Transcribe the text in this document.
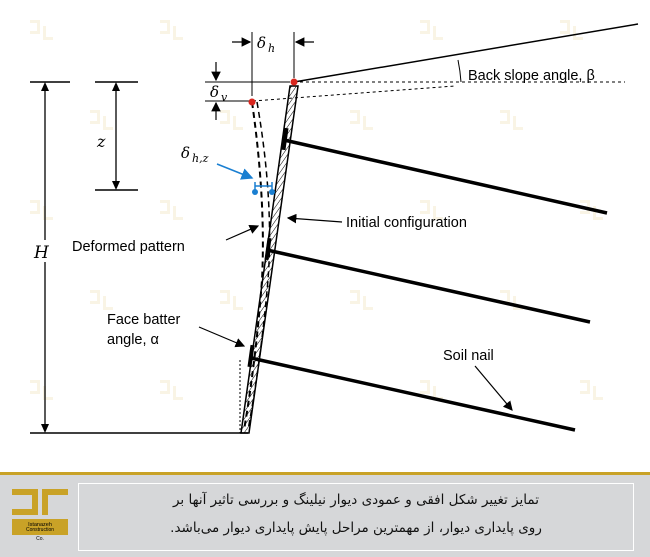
H
z
Back slope angle, β
δ h
δ v
δ h,z
Initial configuration
Deformed pattern
Face batter
angle, α
Soil nail
Istanazeh
Construction
Co.
تمایز تغییر شکل افقی و عمودی دیوار نیلینگ و بررسی تاثیر آنها بر
روی پایداری دیوار، از مهمترین مراحل پایش پایداری دیوار می‌باشد.
